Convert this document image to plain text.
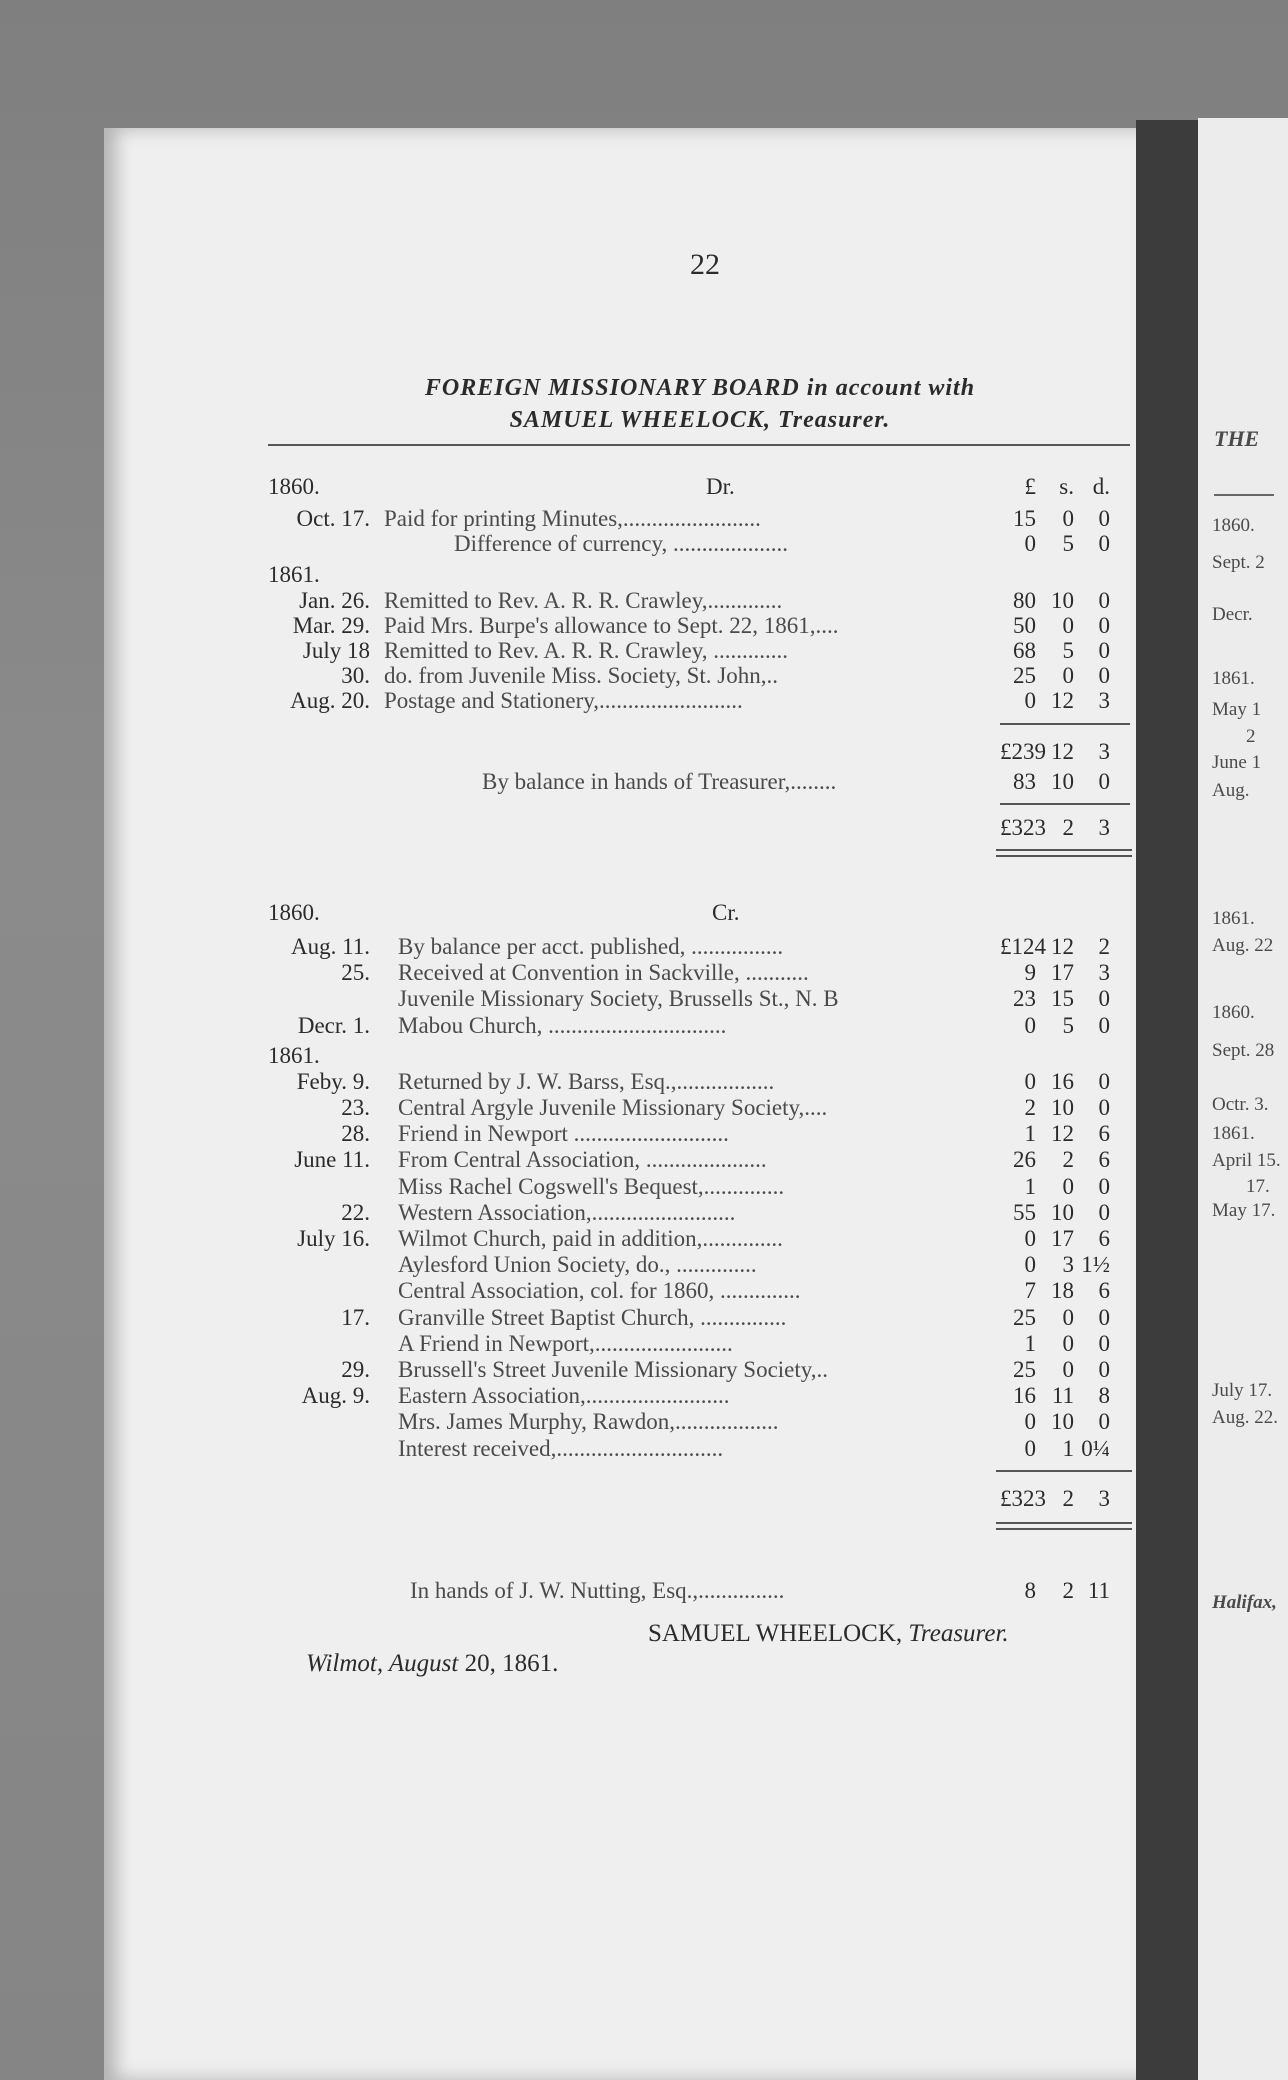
THE
1860.
Sept. 2
Decr.
1861.
May 1
2
June 1
Aug.
1861.
Aug. 22
1860.
Sept. 28
Octr. 3.
1861.
April 15.
17.
May 17.
July 17.
Aug. 22.
Halifax,
22
FOREIGN MISSIONARY BOARD in account with
SAMUEL WHEELOCK, Treasurer.
1860.	Dr.	£	s. d.
Oct. 17. Paid for printing Minutes,........................	15	0	0
Difference of currency, ....................	0	5	0
1861.
Jan. 26. Remitted to Rev. A. R. R. Crawley,.............	80 10	0
Mar. 29. Paid Mrs. Burpe's allowance to Sept. 22, 1861,....	50	0	0
July 18 Remitted to Rev. A. R. R. Crawley, .............	68	5	0
30. do. from Juvenile Miss. Society, St. John,..	25	0	0
Aug. 20. Postage and Stationery,.........................	0 12	3
£239 12	3
By balance in hands of Treasurer,........	83 10	0
£323 2	3
1860.	Cr.
Aug. 11. By balance per acct. published, ................	£124 12	2
25. Received at Convention in Sackville, ...........	9 17	3
Juvenile Missionary Society, Brussells St., N. B	23 15	0
Decr. 1. Mabou Church, ...............................	0	5	0
1861.
Feby. 9. Returned by J. W. Barss, Esq.,.................	0 16	0
23. Central Argyle Juvenile Missionary Society,....	2 10	0
28. Friend in Newport ...........................	1 12	6
June 11. From Central Association, .....................	26	2	6
Miss Rachel Cogswell's Bequest,..............	1	0	0
22. Western Association,.........................	55 10	0
July 16. Wilmot Church, paid in addition,..............	0 17	6
Aylesford Union Society, do., ..............	0	3 1½
Central Association, col. for 1860, ..............	7 18	6
17. Granville Street Baptist Church, ...............	25	0	0
A Friend in Newport,........................	1	0	0
29. Brussell's Street Juvenile Missionary Society,..	25	0	0
Aug. 9. Eastern Association,.........................	16 11	8
Mrs. James Murphy, Rawdon,..................	0 10	0
Interest received,.............................	0	1 0¼
£323 2	3
In hands of J. W. Nutting, Esq.,...............	8	2 11
SAMUEL WHEELOCK, Treasurer.
Wilmot, August 20, 1861.
